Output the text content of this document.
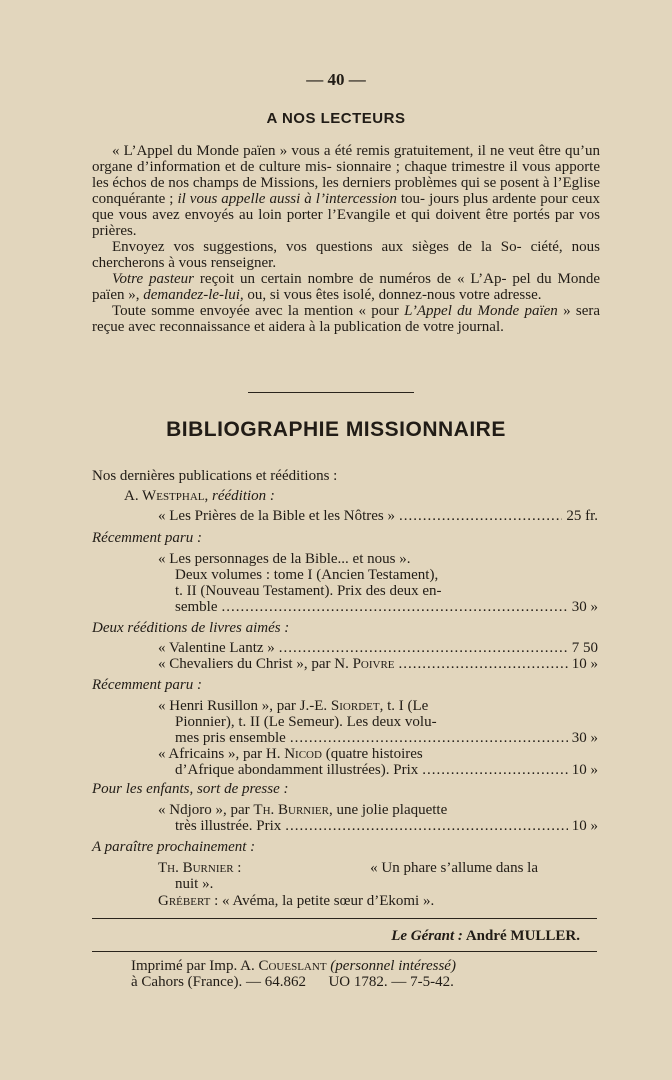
— 40 —
A NOS LECTEURS

« L’Appel du Monde païen » vous a été remis gratuitement, il ne veut être qu’un organe d’information et de culture mis- sionnaire ; chaque trimestre il vous apporte les échos de nos champs de Missions, les derniers problèmes qui se posent à l’Eglise conquérante ; il vous appelle aussi à l’intercession tou- jours plus ardente pour ceux que vous avez envoyés au loin porter l’Evangile et qui doivent être portés par vos prières.

Envoyez vos suggestions, vos questions aux sièges de la So- ciété, nous chercherons à vous renseigner.

Votre pasteur reçoit un certain nombre de numéros de « L’Ap- pel du Monde païen », demandez-le-lui, ou, si vous êtes isolé, donnez-nous votre adresse.

Toute somme envoyée avec la mention « pour L’Appel du Monde païen » sera reçue avec reconnaissance et aidera à la publication de votre journal.

BIBLIOGRAPHIE MISSIONNAIRE
Nos dernières publications et rééditions :
A. Westphal, réédition :
« Les Prières de la Bible et les Nôtres » .....	25 fr.
Récemment paru :
« Les personnages de la Bible... et nous ».
Deux volumes : tome I (Ancien Testament),
t. II (Nouveau Testament). Prix des deux en-
semble .....	30 »
Deux rééditions de livres aimés :
« Valentine Lantz » .....	7 50
« Chevaliers du Christ », par N. Poivre .....	10 »
Récemment paru :
« Henri Rusillon », par J.-E. Siordet, t. I (Le
Pionnier), t. II (Le Semeur). Les deux volu-
mes pris ensemble .....	30 »
« Africains », par H. Nicod (quatre histoires
d’Afrique abondamment illustrées). Prix .....	10 »
Pour les enfants, sort de presse :
« Ndjoro », par Th. Burnier, une jolie plaquette
très illustrée. Prix .....	10 »
A paraître prochainement :
Th. Burnier :	« Un phare s’allume dans la
nuit ».
Grébert : « Avéma, la petite sœur d’Ekomi ».
Le Gérant : André MULLER.
Imprimé par Imp. A. Coueslant (personnel intéressé)
à Cahors (France). — 64.862      UO 1782. — 7-5-42.
